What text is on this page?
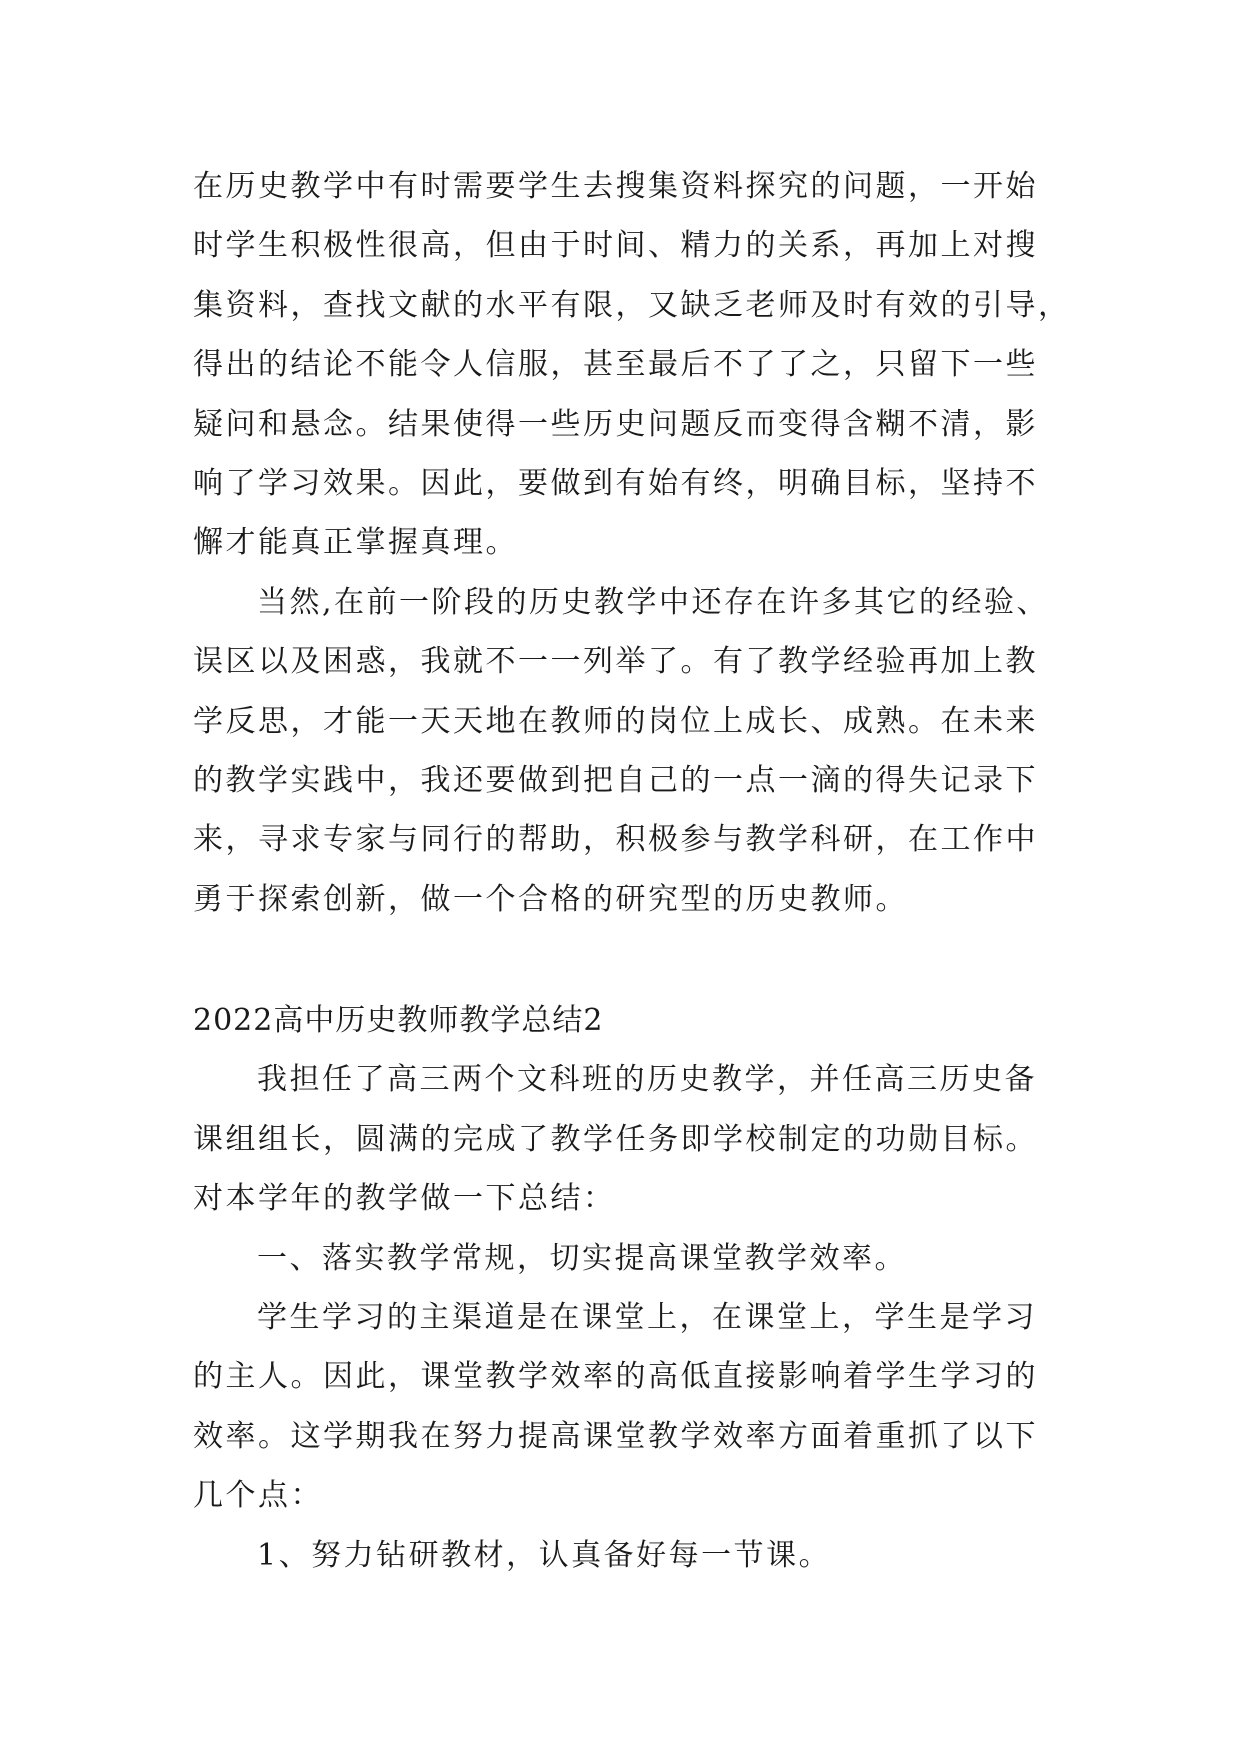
在历史教学中有时需要学生去搜集资料探究的问题，一开始
时学生积极性很高，但由于时间、精力的关系，再加上对搜
集资料，查找文献的水平有限，又缺乏老师及时有效的引导，
得出的结论不能令人信服，甚至最后不了了之，只留下一些
疑问和悬念。结果使得一些历史问题反而变得含糊不清，影
响了学习效果。因此，要做到有始有终，明确目标，坚持不
懈才能真正掌握真理。
当然,在前一阶段的历史教学中还存在许多其它的经验、
误区以及困惑，我就不一一列举了。有了教学经验再加上教
学反思，才能一天天地在教师的岗位上成长、成熟。在未来
的教学实践中，我还要做到把自己的一点一滴的得失记录下
来，寻求专家与同行的帮助，积极参与教学科研，在工作中
勇于探索创新，做一个合格的研究型的历史教师。
2022高中历史教师教学总结2
我担任了高三两个文科班的历史教学，并任高三历史备
课组组长，圆满的完成了教学任务即学校制定的功勋目标。
对本学年的教学做一下总结：
一、落实教学常规，切实提高课堂教学效率。
学生学习的主渠道是在课堂上，在课堂上，学生是学习
的主人。因此，课堂教学效率的高低直接影响着学生学习的
效率。这学期我在努力提高课堂教学效率方面着重抓了以下
几个点：
1、努力钻研教材，认真备好每一节课。
